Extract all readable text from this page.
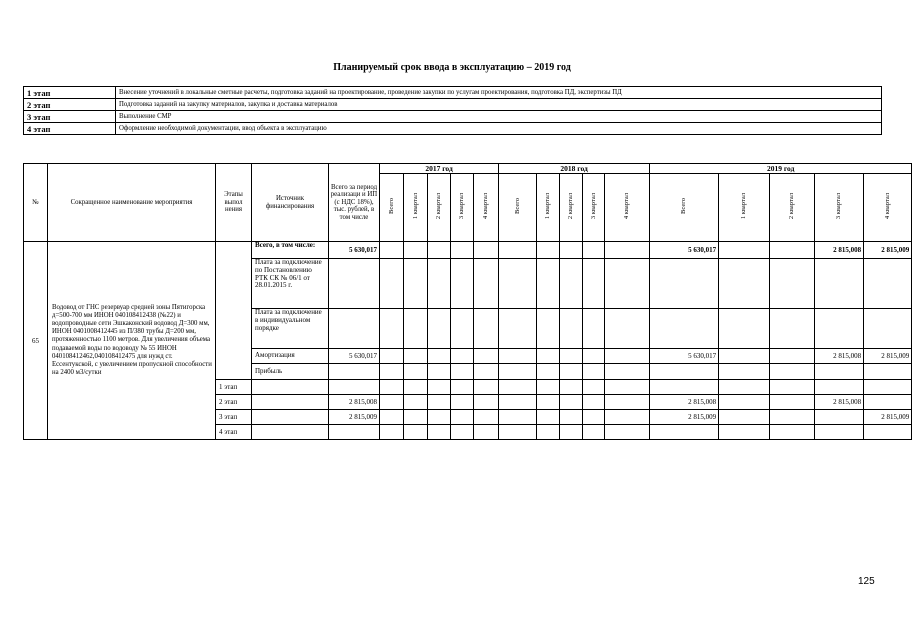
Планируемый срок ввода в эксплуатацию – 2019 год
1 этап	Внесение уточнений в локальные сметные расчеты, подготовка заданий на проектирование, проведение закупки по услугам проектирования, подготовка ПД, экспертизы ПД
2 этап	Подготовка заданий на закупку материалов, закупка и доставка материалов
3 этап	Выполнение СМР
4 этап	Оформление необходимой документации, ввод объекта в эксплуатацию
№	Сокращенное наименование мероприятия	Этапы выпол нения	Источник финансирования	Всего за период реализаци и ИП (с НДС 18%), тыс. рублей, в том числе	2017 год					2018 год					2019 год				
					Всего	1 квартал	2 квартал	3 квартал	4 квартал	Всего	1 квартал	2 квартал	3 квартал	4 квартал	Всего	1 квартал	2 квартал	3 квартал	4 квартал
65	Водовод от ГНС резервуар средней зоны Пятигорска д=500-700 мм ИНОН 040108412438 (№22) и водопроводные сети Эшкаконский водовод Д=300 мм, ИНОН 0401008412445 из П/380 трубы Д=200 мм, протяженностью 1100 метров. Для увеличения объема подаваемой воды по водоводу № 55 ИНОН 040108412462,040108412475 для нужд ст. Ессентукской, с увеличением пропускной способности на 2400 м3/сутки		Всего, в том числе:	5 630,017											5 630,017			2 815,008	2 815,009
			Плата за подключение по Постановлению РТК СК № 06/1 от 28.01.2015 г.																
			Плата за подключение в индивидуальном порядке																
			Амортизация	5 630,017											5 630,017			2 815,008	2 815,009
			Прибыль																
		1 этап																	
		2 этап		2 815,008											2 815,008			2 815,008	
		3 этап		2 815,009											2 815,009				2 815,009
		4 этап																	
125
